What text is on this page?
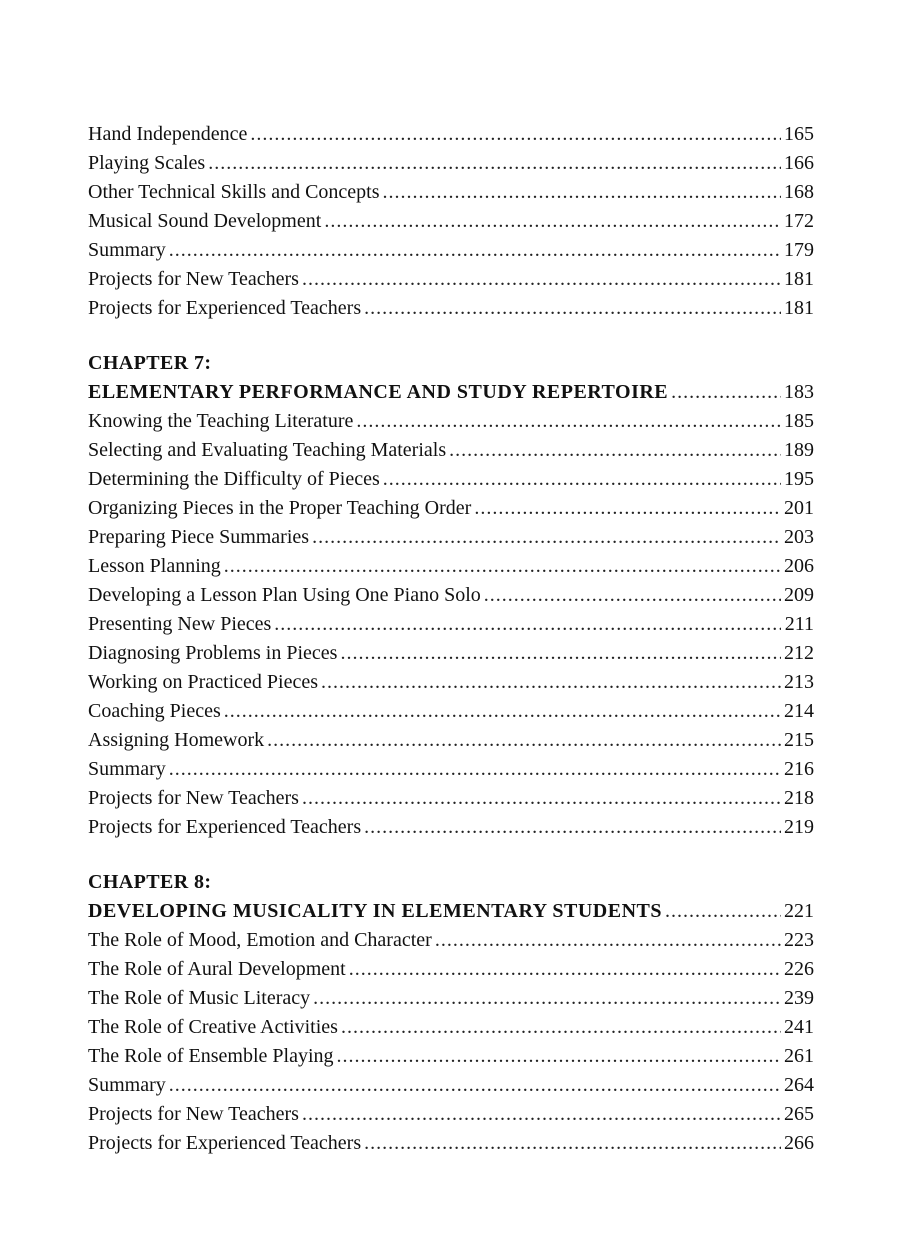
Hand Independence .....	165
Playing Scales .....	166
Other Technical Skills and Concepts .....	168
Musical Sound Development .....	172
Summary .....	179
Projects for New Teachers .....	181
Projects for Experienced Teachers .....	181
CHAPTER 7:
ELEMENTARY PERFORMANCE AND STUDY REPERTOIRE .....	183
Knowing the Teaching Literature .....	185
Selecting and Evaluating Teaching Materials .....	189
Determining the Difficulty of Pieces .....	195
Organizing Pieces in the Proper Teaching Order .....	201
Preparing Piece Summaries .....	203
Lesson Planning .....	206
Developing a Lesson Plan Using One Piano Solo .....	209
Presenting New Pieces .....	211
Diagnosing Problems in Pieces .....	212
Working on Practiced Pieces .....	213
Coaching Pieces .....	214
Assigning Homework .....	215
Summary .....	216
Projects for New Teachers .....	218
Projects for Experienced Teachers .....	219
CHAPTER 8:
DEVELOPING MUSICALITY IN ELEMENTARY STUDENTS .....	221
The Role of Mood, Emotion and Character .....	223
The Role of Aural Development .....	226
The Role of Music Literacy .....	239
The Role of Creative Activities .....	241
The Role of Ensemble Playing .....	261
Summary .....	264
Projects for New Teachers .....	265
Projects for Experienced Teachers .....	266
